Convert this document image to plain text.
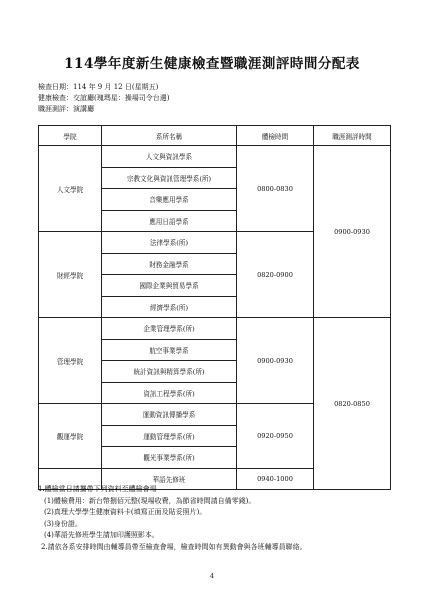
114學年度新生健康檢查暨職涯測評時間分配表
檢查日期：114 年 9 月 12 日(星期五)
健康檢查：交誼廳(瑰瑪星：操場司令台邊)
職涯測評：演講廳
學院	系所名稱	體檢時間	職涯測評時間
人文學院	人文與資訊學系	0800-0830	0900-0930
	宗教文化與資訊管理學系(所)		
	音樂應用學系		
	應用日語學系		
財經學院	法律學系(所)	0820-0900	
	財務金融學系		
	國際企業與貿易學系		
	經濟學系(所)		
管理學院	企業管理學系(所)	0900-0930	0820-0850
	航空事業學系		
	統計資訊與精算學系(所)		
	資訊工程學系(所)		
觀運學院	運動資訊傳播學系	0920-0950	
	運動管理學系(所)		
	觀光事業學系(所)		
	華語先修班	0940-1000	
1.體檢當日請攜帶下列資料至體檢會場
(1)體檢費用：新台幣捌佰元整(現場收費，為節省時間請自備零錢)。
(2)真理大學學生健康資料卡(填寫正面及貼妥照片)。
(3)身份證。
(4)華語先修班學生請加印護照影本。
2.請依各系安排時間由輔導員帶至檢查會場，檢查時間如有異動會與各班輔導員聯絡。
4
